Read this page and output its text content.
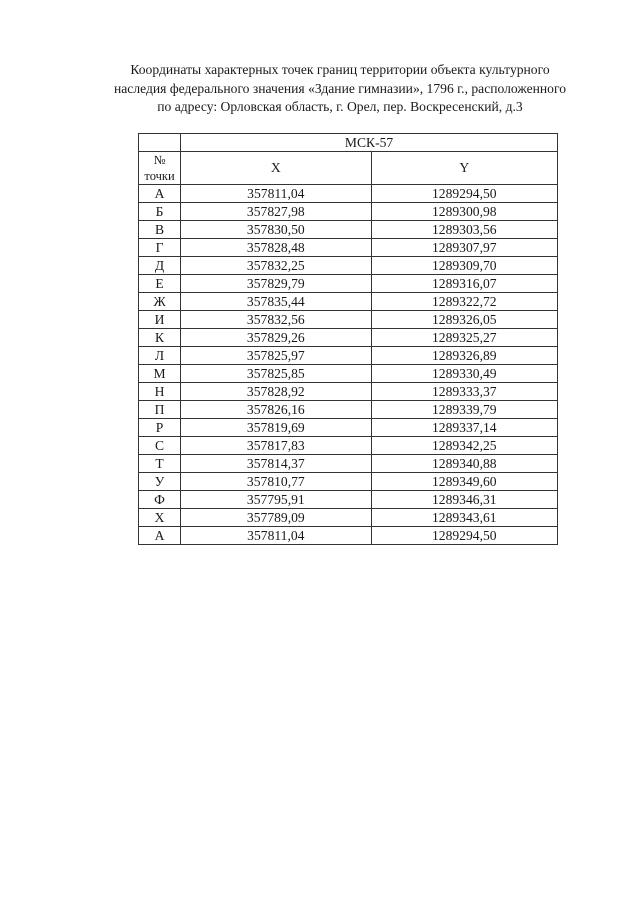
Координаты характерных точек границ территории объекта культурного
наследия федерального значения «Здание гимназии», 1796 г., расположенного
по адресу: Орловская область, г. Орел, пер. Воскресенский, д.3
	МСК-57	

№
точки	X	Y
А	357811,04	1289294,50
Б	357827,98	1289300,98
В	357830,50	1289303,56
Г	357828,48	1289307,97
Д	357832,25	1289309,70
Е	357829,79	1289316,07
Ж	357835,44	1289322,72
И	357832,56	1289326,05
К	357829,26	1289325,27
Л	357825,97	1289326,89
М	357825,85	1289330,49
Н	357828,92	1289333,37
П	357826,16	1289339,79
Р	357819,69	1289337,14
С	357817,83	1289342,25
Т	357814,37	1289340,88
У	357810,77	1289349,60
Ф	357795,91	1289346,31
Х	357789,09	1289343,61
А	357811,04	1289294,50
